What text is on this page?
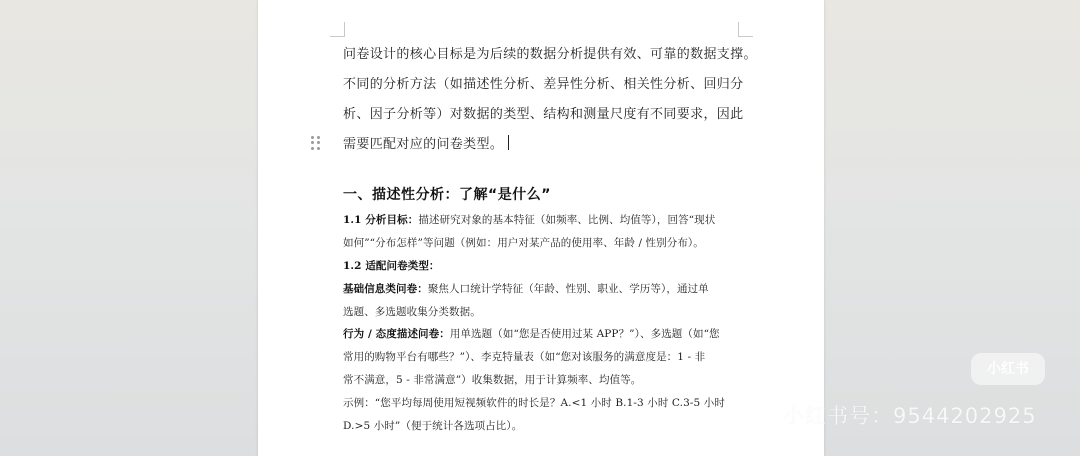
问卷设计的核心目标是为后续的数据分析提供有效、可靠的数据支撑。

不同的分析方法（如描述性分析、差异性分析、相关性分析、回归分

析、因子分析等）对数据的类型、结构和测量尺度有不同要求，因此

需要匹配对应的问卷类型。

一、描述性分析：了解“是什么”

1.1 分析目标：描述研究对象的基本特征（如频率、比例、均值等），回答“现状

如何”“分布怎样”等问题（例如：用户对某产品的使用率、年龄 / 性别分布）。

1.2 适配问卷类型：

基础信息类问卷：聚焦人口统计学特征（年龄、性别、职业、学历等），通过单

选题、多选题收集分类数据。

行为 / 态度描述问卷：用单选题（如“您是否使用过某 APP？”）、多选题（如“您

常用的购物平台有哪些？”）、李克特量表（如“您对该服务的满意度是：1 - 非

常不满意，5 - 非常满意”）收集数据，用于计算频率、均值等。

示例：“您平均每周使用短视频软件的时长是？A.<1 小时 B.1-3 小时 C.3-5 小时

D.>5 小时”（便于统计各选项占比）。

小红书
小红书号：9544202925
